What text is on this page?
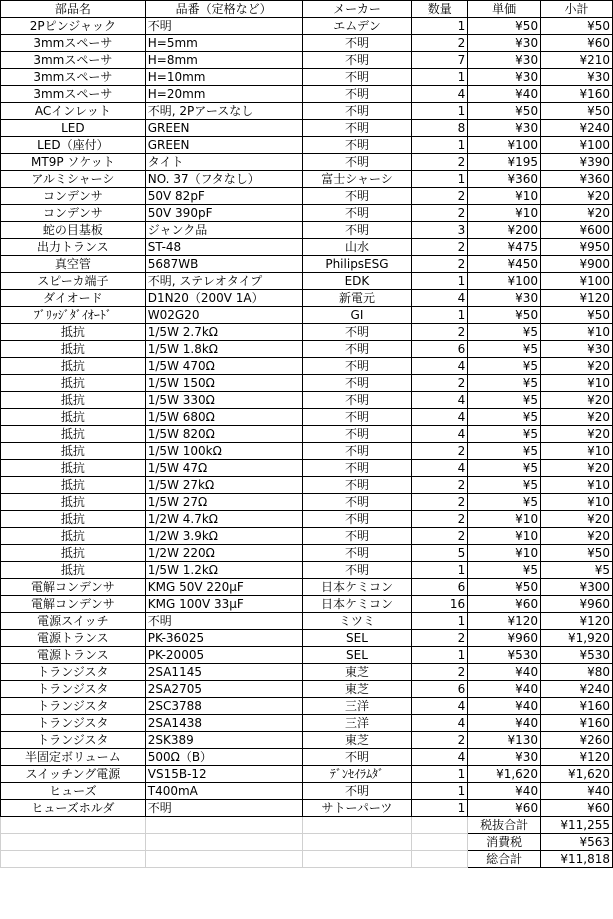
部品名	品番（定格など）	メーカー	数量	単価	小計
2Pピンジャック	不明	エムデン	1	¥50	¥50
3mmスペーサ	H=5mm	不明	2	¥30	¥60
3mmスペーサ	H=8mm	不明	7	¥30	¥210
3mmスペーサ	H=10mm	不明	1	¥30	¥30
3mmスペーサ	H=20mm	不明	4	¥40	¥160
ACインレット	不明, 2Pアースなし	不明	1	¥50	¥50
LED	GREEN	不明	8	¥30	¥240
LED（座付）	GREEN	不明	1	¥100	¥100
MT9P ソケット	タイト	不明	2	¥195	¥390
アルミシャーシ	NO. 37（フタなし）	富士シャーシ	1	¥360	¥360
コンデンサ	50V 82pF	不明	2	¥10	¥20
コンデンサ	50V 390pF	不明	2	¥10	¥20
蛇の目基板	ジャンク品	不明	3	¥200	¥600
出力トランス	ST-48	山水	2	¥475	¥950
真空管	5687WB	PhilipsESG	2	¥450	¥900
スピーカ端子	不明, ステレオタイプ	EDK	1	¥100	¥100
ダイオード	D1N20（200V 1A）	新電元	4	¥30	¥120
ﾌﾞﾘｯｼﾞﾀﾞｲｵｰﾄﾞ	W02G20	GI	1	¥50	¥50
抵抗	1/5W 2.7kΩ	不明	2	¥5	¥10
抵抗	1/5W 1.8kΩ	不明	6	¥5	¥30
抵抗	1/5W 470Ω	不明	4	¥5	¥20
抵抗	1/5W 150Ω	不明	2	¥5	¥10
抵抗	1/5W 330Ω	不明	4	¥5	¥20
抵抗	1/5W 680Ω	不明	4	¥5	¥20
抵抗	1/5W 820Ω	不明	4	¥5	¥20
抵抗	1/5W 100kΩ	不明	2	¥5	¥10
抵抗	1/5W 47Ω	不明	4	¥5	¥20
抵抗	1/5W 27kΩ	不明	2	¥5	¥10
抵抗	1/5W 27Ω	不明	2	¥5	¥10
抵抗	1/2W 4.7kΩ	不明	2	¥10	¥20
抵抗	1/2W 3.9kΩ	不明	2	¥10	¥20
抵抗	1/2W 220Ω	不明	5	¥10	¥50
抵抗	1/5W 1.2kΩ	不明	1	¥5	¥5
電解コンデンサ	KMG 50V 220μF	日本ケミコン	6	¥50	¥300
電解コンデンサ	KMG 100V 33μF	日本ケミコン	16	¥60	¥960
電源スイッチ	不明	ミツミ	1	¥120	¥120
電源トランス	PK-36025	SEL	2	¥960	¥1,920
電源トランス	PK-20005	SEL	1	¥530	¥530
トランジスタ	2SA1145	東芝	2	¥40	¥80
トランジスタ	2SA2705	東芝	6	¥40	¥240
トランジスタ	2SC3788	三洋	4	¥40	¥160
トランジスタ	2SA1438	三洋	4	¥40	¥160
トランジスタ	2SK389	東芝	2	¥130	¥260
半固定ボリューム	500Ω（B）	不明	4	¥30	¥120
スイッチング電源	VS15B-12	ﾃﾞﾝｾｲﾗﾑﾀﾞ	1	¥1,620	¥1,620
ヒューズ	T400mA	不明	1	¥40	¥40
ヒューズホルダ	不明	サトーパーツ	1	¥60	¥60
				税抜合計	¥11,255
				消費税	¥563
				総合計	¥11,818
